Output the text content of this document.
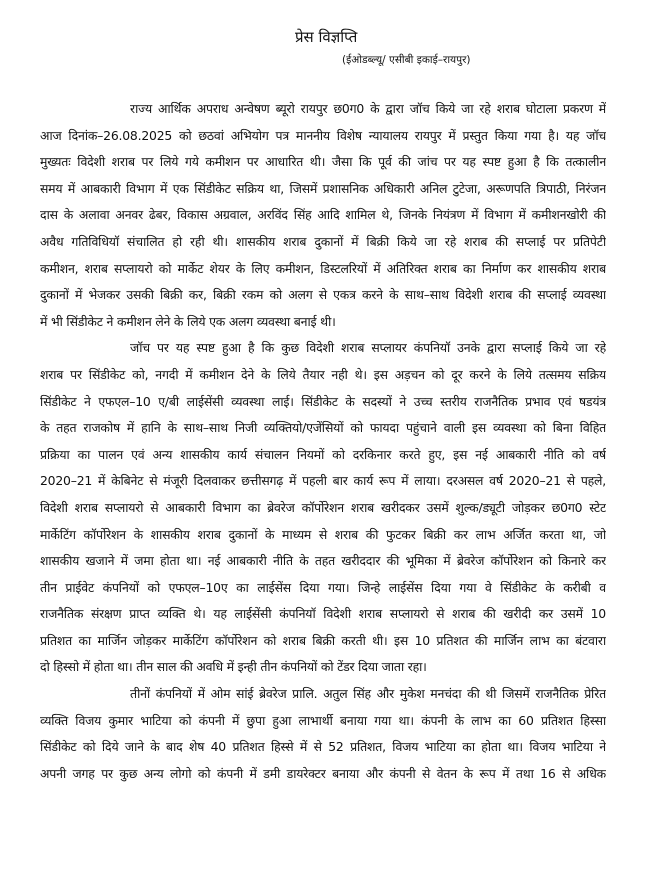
प्रेस विज्ञप्ति
(ईओडब्ल्यू/ एसीबी इकाई–रायपुर)
राज्य आर्थिक अपराध अन्वेषण ब्यूरो रायपुर छ0ग0 के द्वारा जॉच किये जा रहे शराब घोटाला प्रकरण में
आज दिनांक–26.08.2025 को छठवां अभियोग पत्र माननीय विशेष न्यायालय रायपुर में प्रस्तुत किया गया है। यह जॉच
मुख्यतः विदेशी शराब पर लिये गये कमीशन पर आधारित थी। जैसा कि पूर्व की जांच पर यह स्पष्ट हुआ है कि तत्कालीन
समय में आबकारी विभाग में एक सिंडीकेट सक्रिय था, जिसमें प्रशासनिक अधिकारी अनिल टुटेजा, अरूणपति त्रिपाठी, निरंजन
दास के अलावा अनवर ढेबर, विकास अग्रवाल, अरविंद सिंह आदि शामिल थे, जिनके नियंत्रण में विभाग में कमीशनखोरी की
अवैध गतिविधियॉ संचालित हो रही थी। शासकीय शराब दुकानों में बिक्री किये जा रहे शराब की सप्लाई पर प्रतिपेटी
कमीशन, शराब सप्लायरो को मार्केट शेयर के लिए कमीशन, डिस्टलरियों में अतिरिक्त शराब का निर्माण कर शासकीय शराब
दुकानों में भेजकर उसकी बिक्री कर, बिक्री रकम को अलग से एकत्र करने के साथ–साथ विदेशी शराब की सप्लाई व्यवस्था
में भी सिंडीकेट ने कमीशन लेने के लिये एक अलग व्यवस्था बनाई थी।
जॉच पर यह स्पष्ट हुआ है कि कुछ विदेशी शराब सप्लायर कंपनियॉ उनके द्वारा सप्लाई किये जा रहे
शराब पर सिंडीकेट को, नगदी में कमीशन देने के लिये तैयार नही थे। इस अड़चन को दूर करने के लिये तत्समय सक्रिय
सिंडीकेट ने एफएल–10 ए/बी लाईसेंसी व्यवस्था लाई। सिंडीकेट के सदस्यों ने उच्च स्तरीय राजनैतिक प्रभाव एवं षडयंत्र
के तहत राजकोष में हानि के साथ–साथ निजी व्यक्तियो/एजेंसियों को फायदा पहुंचाने वाली इस व्यवस्था को बिना विहित
प्रक्रिया का पालन एवं अन्य शासकीय कार्य संचालन नियमों को दरकिनार करते हुए, इस नई आबकारी नीति को वर्ष
2020–21 में केबिनेट से मंजूरी दिलवाकर छत्तीसगढ़ में पहली बार कार्य रूप में लाया। दरअसल वर्ष 2020–21 से पहले,
विदेशी शराब सप्लायरो से आबकारी विभाग का ब्रेवरेज कॉर्पोरेशन शराब खरीदकर उसमें शुल्क/ड्यूटी जोड़कर छ0ग0 स्टेट
मार्केटिंग कॉर्पोरेशन के शासकीय शराब दुकानों के माध्यम से शराब की फुटकर बिक्री कर लाभ अर्जित करता था, जो
शासकीय खजाने में जमा होता था। नई आबकारी नीति के तहत खरीददार की भूमिका में ब्रेवरेज कॉर्पोरेशन को किनारे कर
तीन प्राईवेट कंपनियों को एफएल–10ए का लाईसेंस दिया गया। जिन्हे लाईसेंस दिया गया वे सिंडीकेट के करीबी व
राजनैतिक संरक्षण प्राप्त व्यक्ति थे। यह लाईसेंसी कंपनियॉ विदेशी शराब सप्लायरो से शराब की खरीदी कर उसमें 10
प्रतिशत का मार्जिन जोड़कर मार्केटिंग कॉर्पोरेशन को शराब बिक्री करती थी। इस 10 प्रतिशत की मार्जिन लाभ का बंटवारा
दो हिस्सो में होता था। तीन साल की अवधि में इन्ही तीन कंपनियों को टेंडर दिया जाता रहा।
तीनों कंपनियों में ओम सांई ब्रेवरेज प्रालि. अतुल सिंह और मुकेश मनचंदा की थी जिसमें राजनैतिक प्रेरित
व्यक्ति विजय कुमार भाटिया को कंपनी में छुपा हुआ लाभार्थी बनाया गया था। कंपनी के लाभ का 60 प्रतिशत हिस्सा
सिंडीकेट को दिये जाने के बाद शेष 40 प्रतिशत हिस्से में से 52 प्रतिशत, विजय भाटिया का होता था। विजय भाटिया ने
अपनी जगह पर कुछ अन्य लोगो को कंपनी में डमी डायरेक्टर बनाया और कंपनी से वेतन के रूप में तथा 16 से अधिक
